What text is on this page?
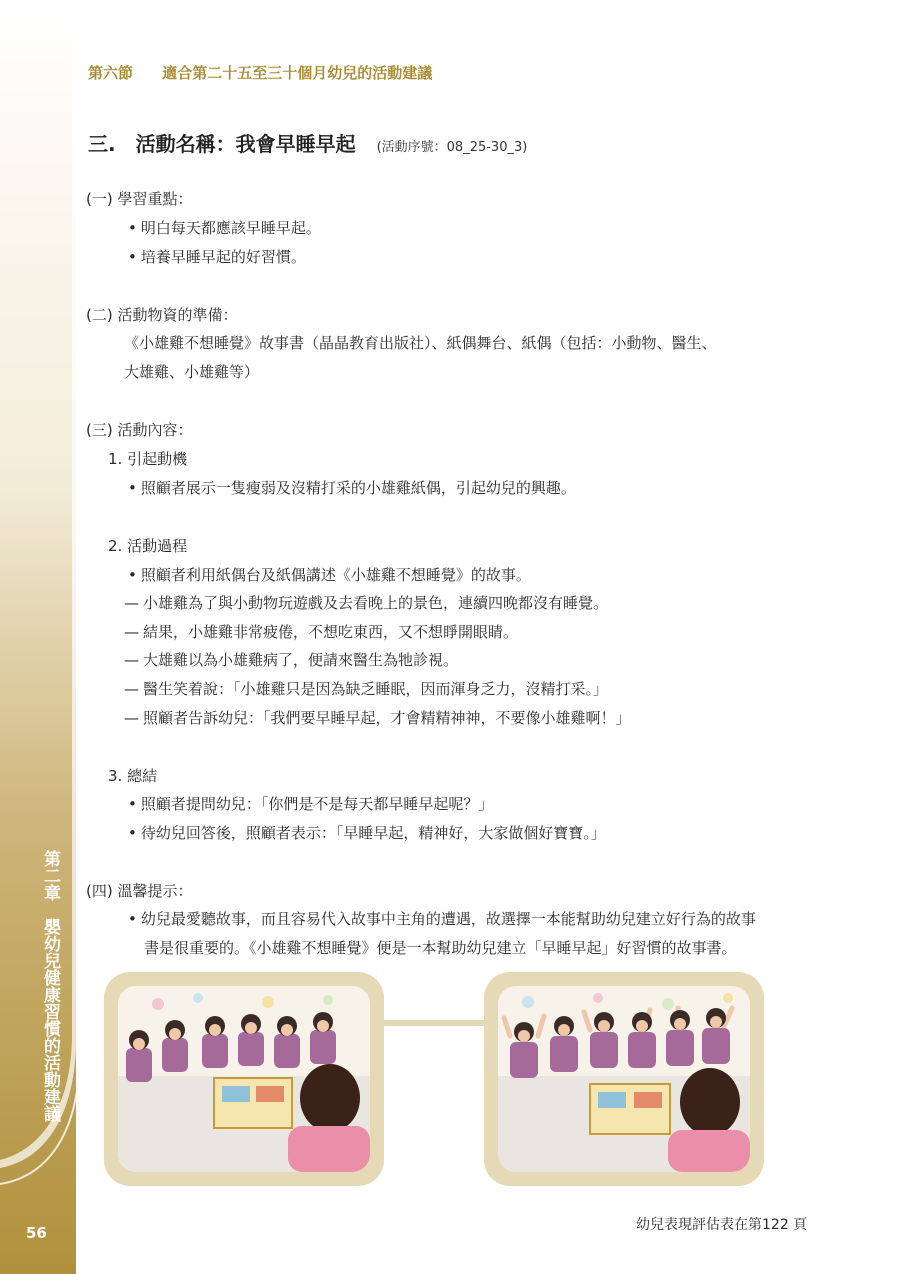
第二章　嬰幼兒健康習慣的活動建議
56
第六節 適合第二十五至三十個月幼兒的活動建議
三.　活動名稱：我會早睡早起 (活動序號：08_25-30_3)
(一) 學習重點：
• 明白每天都應該早睡早起。
• 培養早睡早起的好習慣。
(二) 活動物資的準備：
《小雄雞不想睡覺》故事書（晶晶教育出版社）、紙偶舞台、紙偶（包括：小動物、醫生、
大雄雞、小雄雞等）
(三) 活動內容：
1. 引起動機
• 照顧者展示一隻瘦弱及沒精打采的小雄雞紙偶，引起幼兒的興趣。
2. 活動過程
• 照顧者利用紙偶台及紙偶講述《小雄雞不想睡覺》的故事。
— 小雄雞為了與小動物玩遊戲及去看晚上的景色，連續四晚都沒有睡覺。
— 結果，小雄雞非常疲倦，不想吃東西，又不想睜開眼睛。
— 大雄雞以為小雄雞病了，便請來醫生為牠診視。
— 醫生笑着說：「小雄雞只是因為缺乏睡眠，因而渾身乏力，沒精打采。」
— 照顧者告訴幼兒：「我們要早睡早起，才會精精神神，不要像小雄雞啊！」
3. 總結
• 照顧者提問幼兒：「你們是不是每天都早睡早起呢？」
• 待幼兒回答後，照顧者表示：「早睡早起，精神好，大家做個好寶寶。」
(四) 溫馨提示：
• 幼兒最愛聽故事，而且容易代入故事中主角的遭遇，故選擇一本能幫助幼兒建立好行為的故事
書是很重要的。《小雄雞不想睡覺》便是一本幫助幼兒建立「早睡早起」好習慣的故事書。
幼兒表現評估表在第122 頁
